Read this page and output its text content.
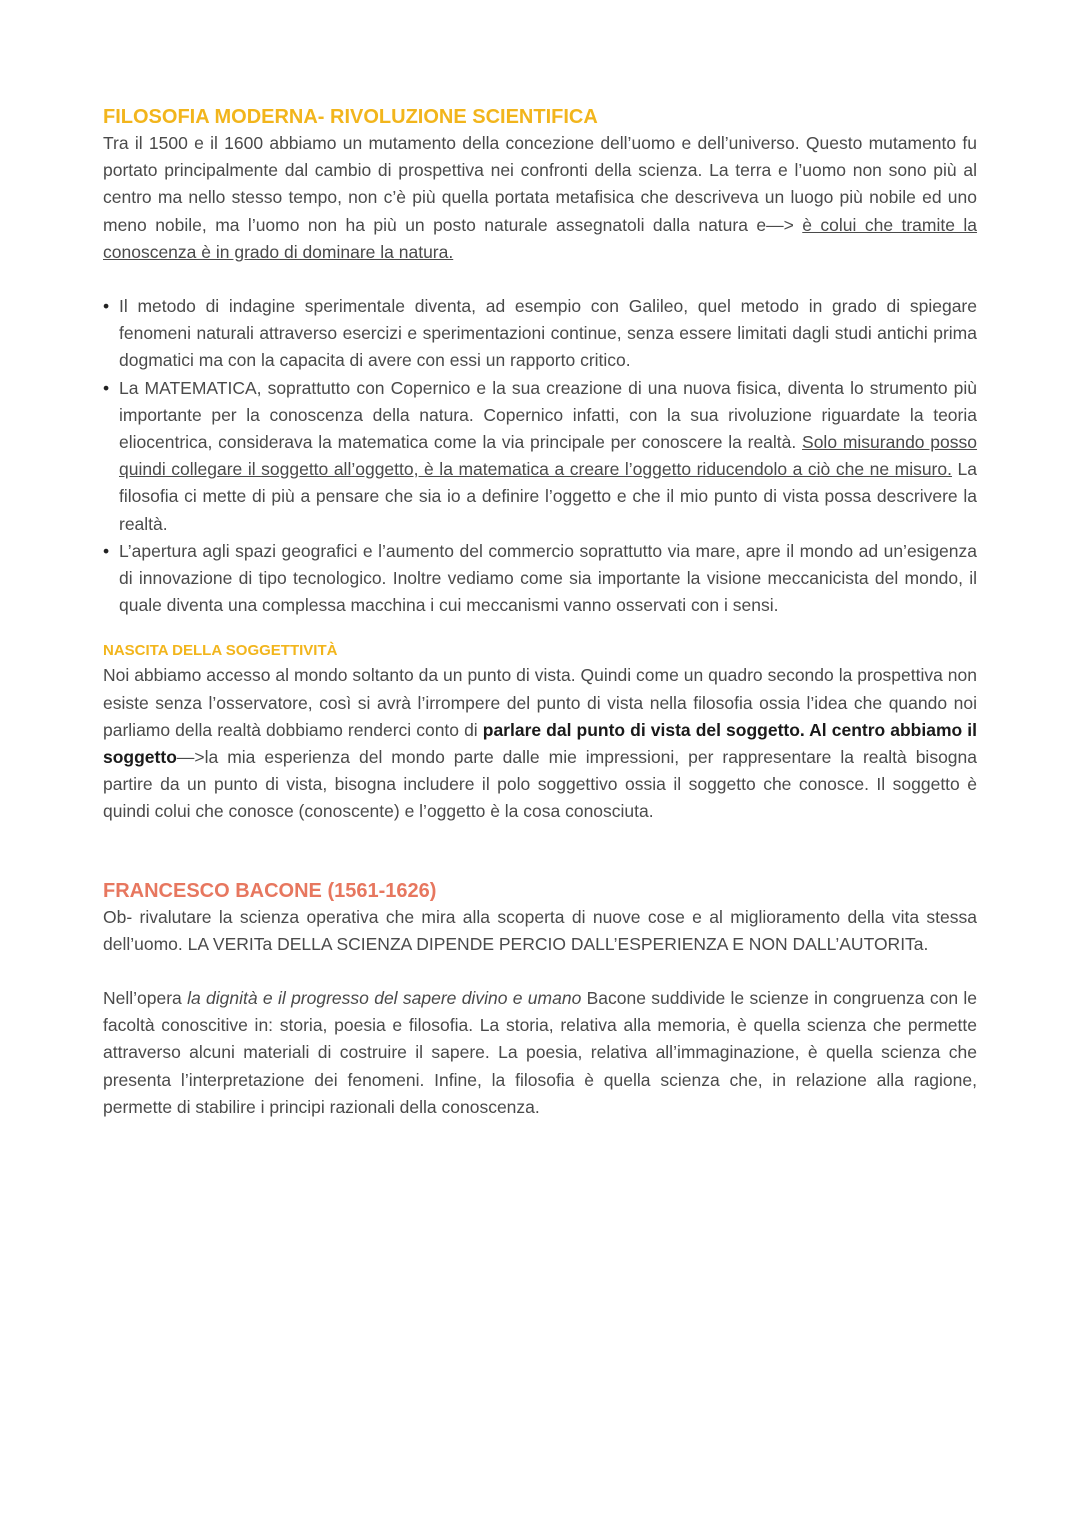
FILOSOFIA MODERNA- RIVOLUZIONE SCIENTIFICA

Tra il 1500 e il 1600 abbiamo un mutamento della concezione dell’uomo e dell’universo. Questo mutamento fu portato principalmente dal cambio di prospettiva nei confronti della scienza. La terra e l’uomo non sono più al centro ma nello stesso tempo, non c’è più quella portata metafisica che descriveva un luogo più nobile ed uno meno nobile, ma l’uomo non ha più un posto naturale assegnatoli dalla natura e—> è colui che tramite la conoscenza è in grado di dominare la natura.

• Il metodo di indagine sperimentale diventa, ad esempio con Galileo, quel metodo in grado di spiegare fenomeni naturali attraverso esercizi e sperimentazioni continue, senza essere limitati dagli studi antichi prima dogmatici ma con la capacita di avere con essi un rapporto critico.
• La MATEMATICA, soprattutto con Copernico e la sua creazione di una nuova fisica, diventa lo strumento più importante per la conoscenza della natura. Copernico infatti, con la sua rivoluzione riguardate la teoria eliocentrica, considerava la matematica come la via principale per conoscere la realtà. Solo misurando posso quindi collegare il soggetto all’oggetto, è la matematica a creare l’oggetto riducendolo a ciò che ne misuro. La filosofia ci mette di più a pensare che sia io a definire l’oggetto e che il mio punto di vista possa descrivere la realtà.
• L’apertura agli spazi geografici e l’aumento del commercio soprattutto via mare, apre il mondo ad un’esigenza di innovazione di tipo tecnologico. Inoltre vediamo come sia importante la visione meccanicista del mondo, il quale diventa una complessa macchina i cui meccanismi vanno osservati con i sensi.
NASCITA DELLA SOGGETTIVITÀ

Noi abbiamo accesso al mondo soltanto da un punto di vista. Quindi come un quadro secondo la prospettiva non esiste senza l’osservatore, così si avrà l’irrompere del punto di vista nella filosofia ossia l’idea che quando noi parliamo della realtà dobbiamo renderci conto di parlare dal punto di vista del soggetto. Al centro abbiamo il soggetto—>la mia esperienza del mondo parte dalle mie impressioni, per rappresentare la realtà bisogna partire da un punto di vista, bisogna includere il polo soggettivo ossia il soggetto che conosce. Il soggetto è quindi colui che conosce (conoscente) e l’oggetto è la cosa conosciuta.

FRANCESCO BACONE (1561-1626)

Ob- rivalutare la scienza operativa che mira alla scoperta di nuove cose e al miglioramento della vita stessa dell’uomo. LA VERITa DELLA SCIENZA DIPENDE PERCIO DALL’ESPERIENZA E NON DALL’AUTORITa.

Nell’opera la dignità e il progresso del sapere divino e umano Bacone suddivide le scienze in congruenza con le facoltà conoscitive in: storia, poesia e filosofia. La storia, relativa alla memoria, è quella scienza che permette attraverso alcuni materiali di costruire il sapere. La poesia, relativa all’immaginazione, è quella scienza che presenta l’interpretazione dei fenomeni. Infine, la filosofia è quella scienza che, in relazione alla ragione, permette di stabilire i principi razionali della conoscenza.
